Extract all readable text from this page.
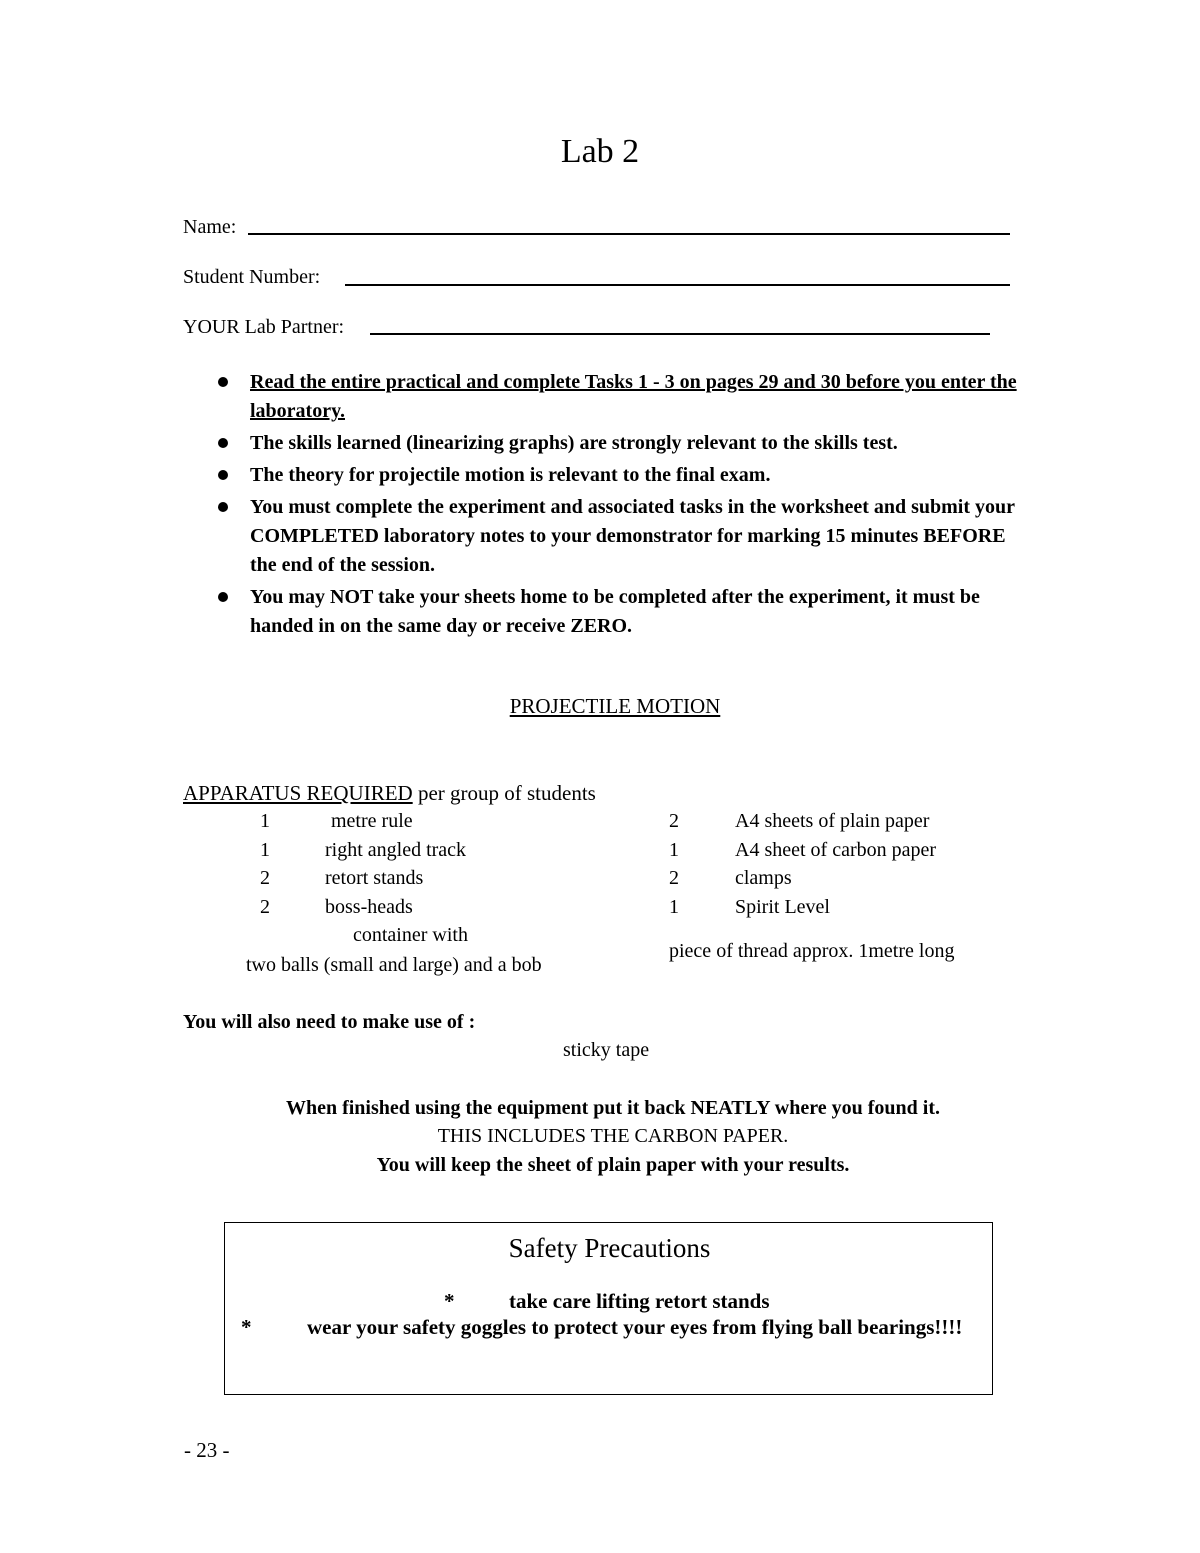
Lab 2
Name:
Student Number:
YOUR Lab Partner:
Read the entire practical and complete Tasks 1 - 3 on pages 29 and 30 before you enter the laboratory.
The skills learned (linearizing graphs) are strongly relevant to the skills test.
The theory for projectile motion is relevant to the final exam.
You must complete the experiment and associated tasks in the worksheet and submit your COMPLETED laboratory notes to your demonstrator for marking 15 minutes BEFORE the end of the session.
You may NOT take your sheets home to be completed after the experiment, it must be handed in on the same day or receive ZERO.
PROJECTILE MOTION
APPARATUS REQUIRED per group of students
1	metre rule
1	right angled track
2	retort stands
2	boss-heads
container with
two balls (small and large) and a bob
2	A4 sheets of plain paper
1	A4 sheet of carbon paper
2	clamps
1	Spirit Level
piece of thread approx. 1metre long
You will also need to make use of :
sticky tape
When finished using the equipment put it back NEATLY where you found it.
THIS INCLUDES THE CARBON PAPER.
You will keep the sheet of plain paper with your results.
Safety Precautions
*	take care lifting retort stands
*	wear your safety goggles to protect your eyes from flying ball bearings!!!!
- 23 -
